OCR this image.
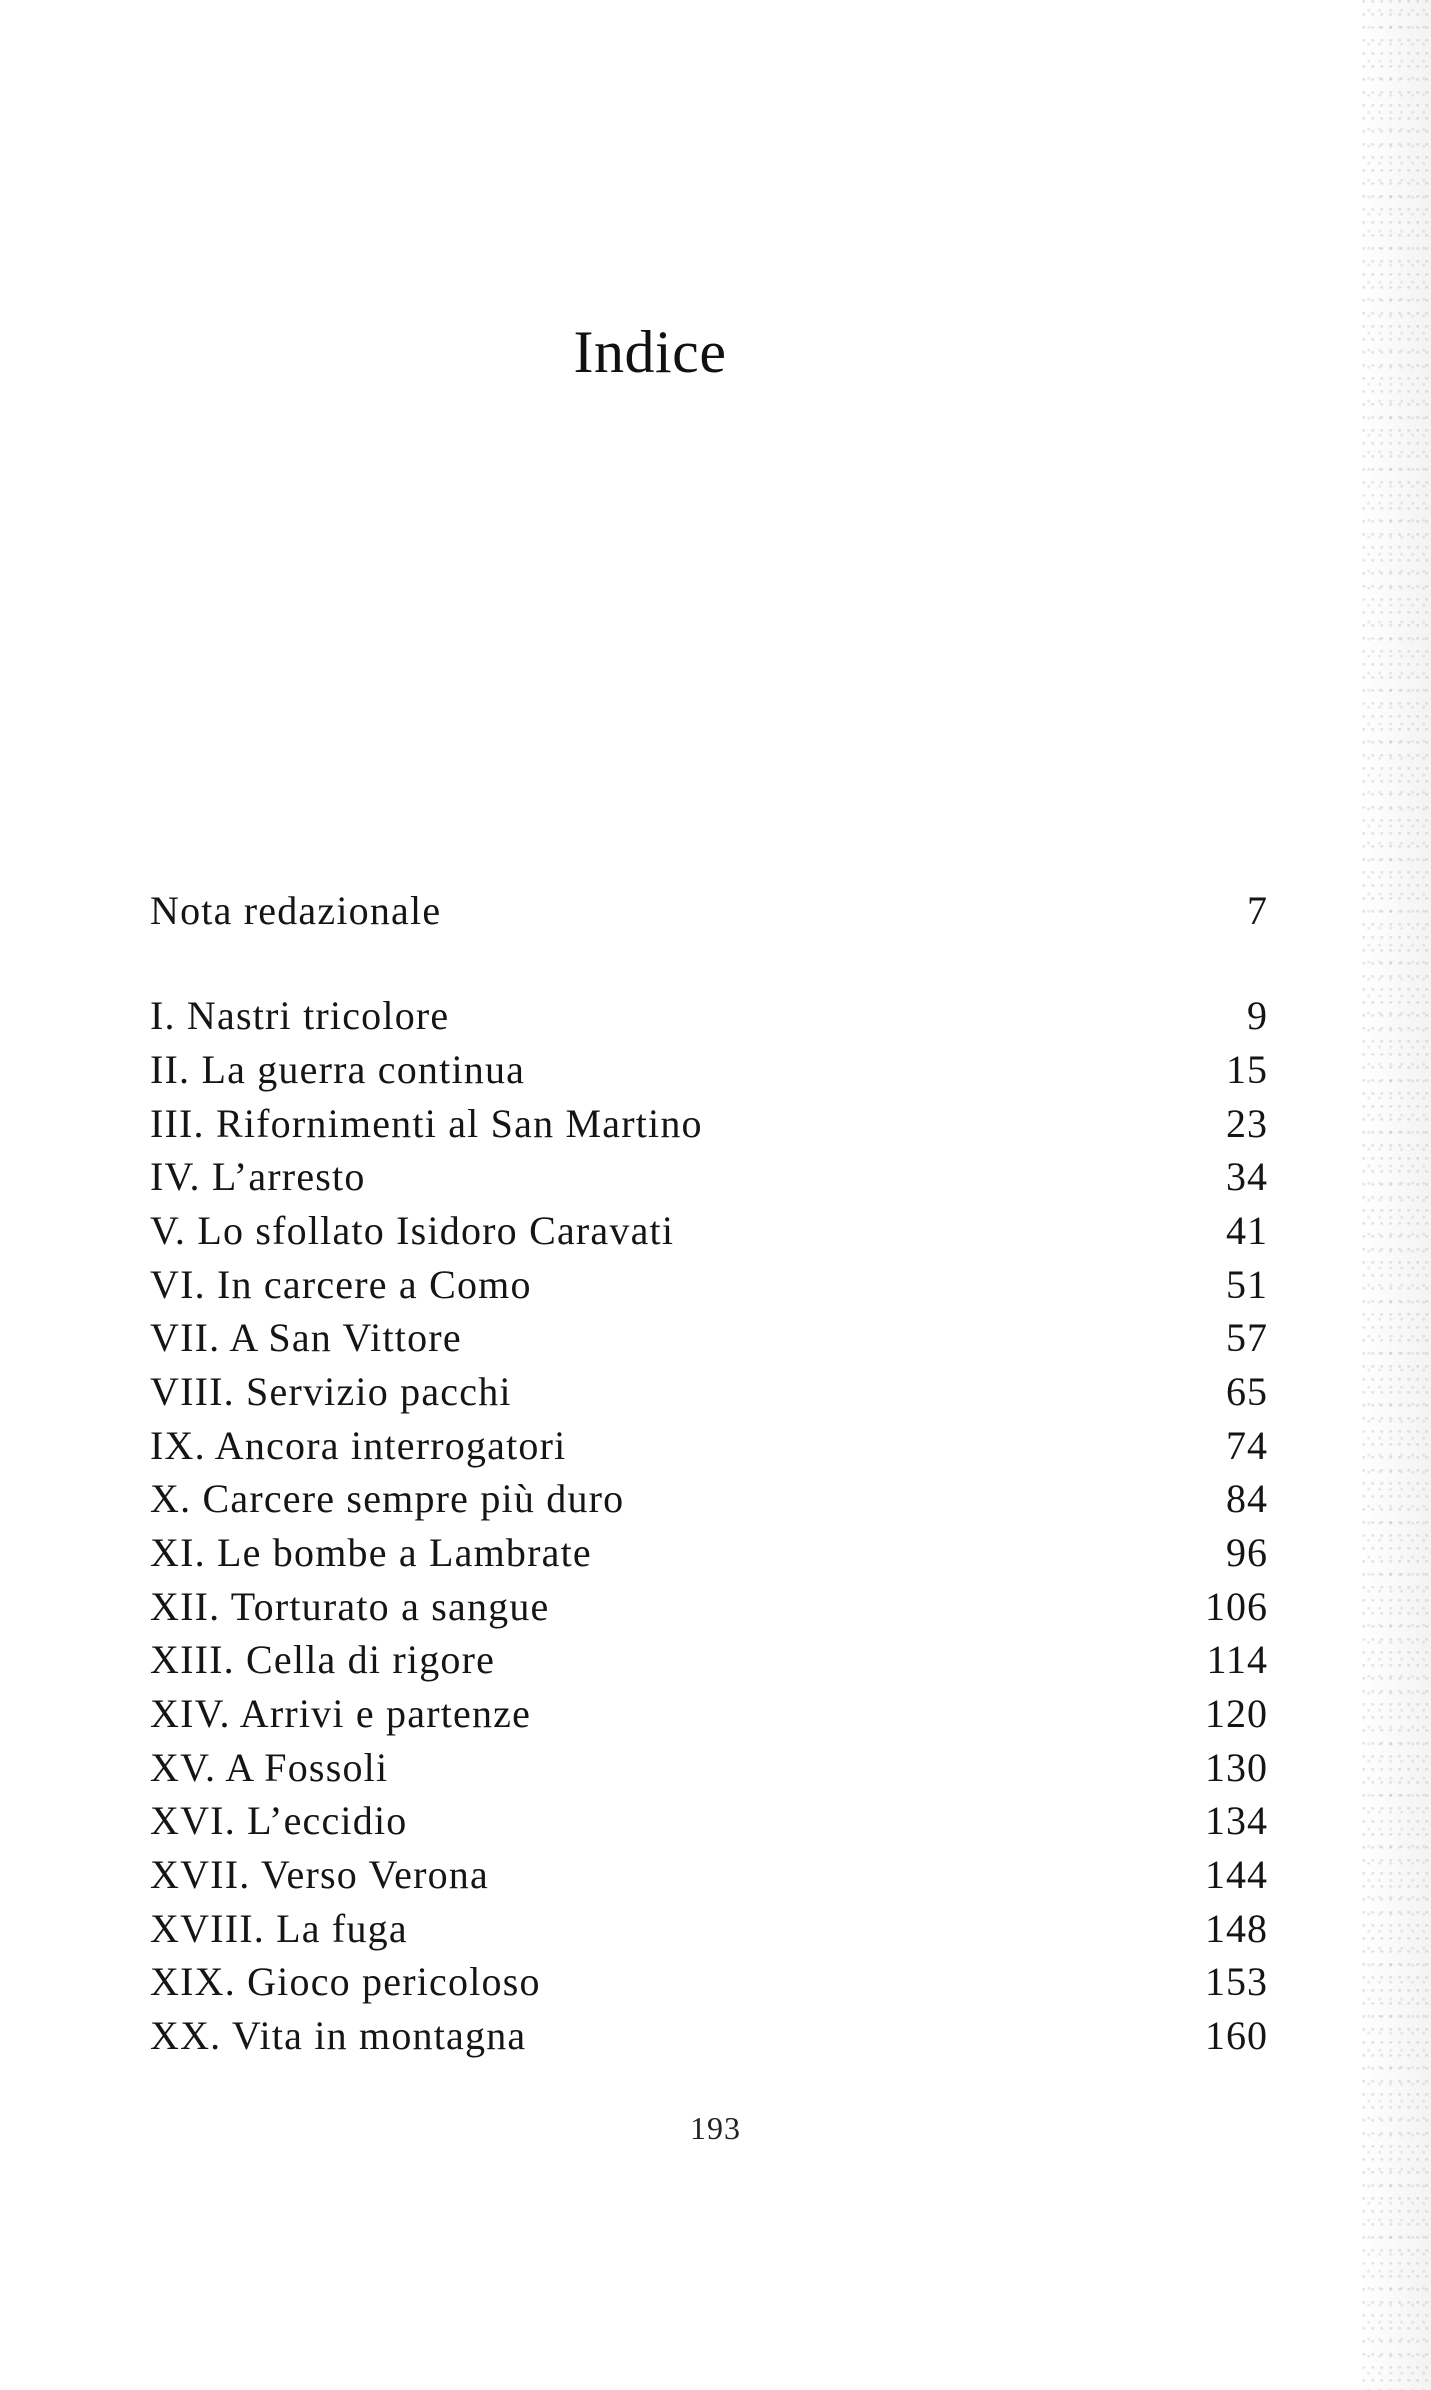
Indice
Nota redazionale	7
I. Nastri tricolore	9
II. La guerra continua	15
III. Rifornimenti al San Martino	23
IV. L’arresto	34
V. Lo sfollato Isidoro Caravati	41
VI. In carcere a Como	51
VII. A San Vittore	57
VIII. Servizio pacchi	65
IX. Ancora interrogatori	74
X. Carcere sempre più duro	84
XI. Le bombe a Lambrate	96
XII. Torturato a sangue	106
XIII. Cella di rigore	114
XIV. Arrivi e partenze	120
XV. A Fossoli	130
XVI. L’eccidio	134
XVII. Verso Verona	144
XVIII. La fuga	148
XIX. Gioco pericoloso	153
XX. Vita in montagna	160
193
